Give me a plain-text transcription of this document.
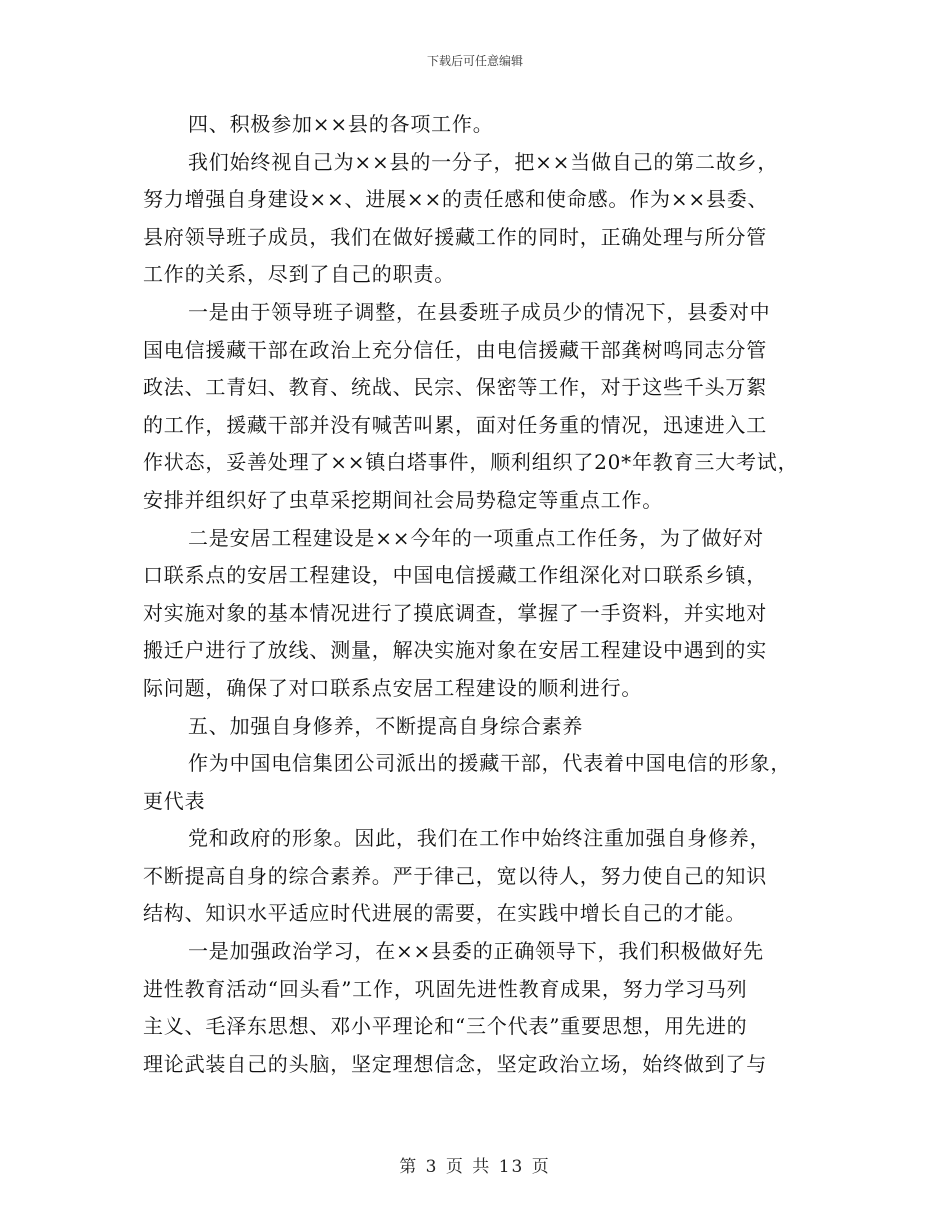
下载后可任意编辑
四、积极参加××县的各项工作。
我们始终视自己为××县的一分子，把××当做自己的第二故乡，
努力增强自身建设××、进展××的责任感和使命感。作为××县委、
县府领导班子成员，我们在做好援藏工作的同时，正确处理与所分管
工作的关系，尽到了自己的职责。
一是由于领导班子调整，在县委班子成员少的情况下，县委对中
国电信援藏干部在政治上充分信任，由电信援藏干部龚树鸣同志分管
政法、工青妇、教育、统战、民宗、保密等工作，对于这些千头万絮
的工作，援藏干部并没有喊苦叫累，面对任务重的情况，迅速进入工
作状态，妥善处理了××镇白塔事件，顺利组织了20*年教育三大考试，
安排并组织好了虫草采挖期间社会局势稳定等重点工作。
二是安居工程建设是××今年的一项重点工作任务，为了做好对
口联系点的安居工程建设，中国电信援藏工作组深化对口联系乡镇，
对实施对象的基本情况进行了摸底调查，掌握了一手资料，并实地对
搬迁户进行了放线、测量，解决实施对象在安居工程建设中遇到的实
际问题，确保了对口联系点安居工程建设的顺利进行。
五、加强自身修养，不断提高自身综合素养
作为中国电信集团公司派出的援藏干部，代表着中国电信的形象，
更代表
党和政府的形象。因此，我们在工作中始终注重加强自身修养，
不断提高自身的综合素养。严于律己，宽以待人，努力使自己的知识
结构、知识水平适应时代进展的需要，在实践中增长自己的才能。
一是加强政治学习，在××县委的正确领导下，我们积极做好先
进性教育活动“回头看”工作，巩固先进性教育成果，努力学习马列
主义、毛泽东思想、邓小平理论和“三个代表”重要思想，用先进的
理论武装自己的头脑，坚定理想信念，坚定政治立场，始终做到了与
第 3 页 共 13 页
